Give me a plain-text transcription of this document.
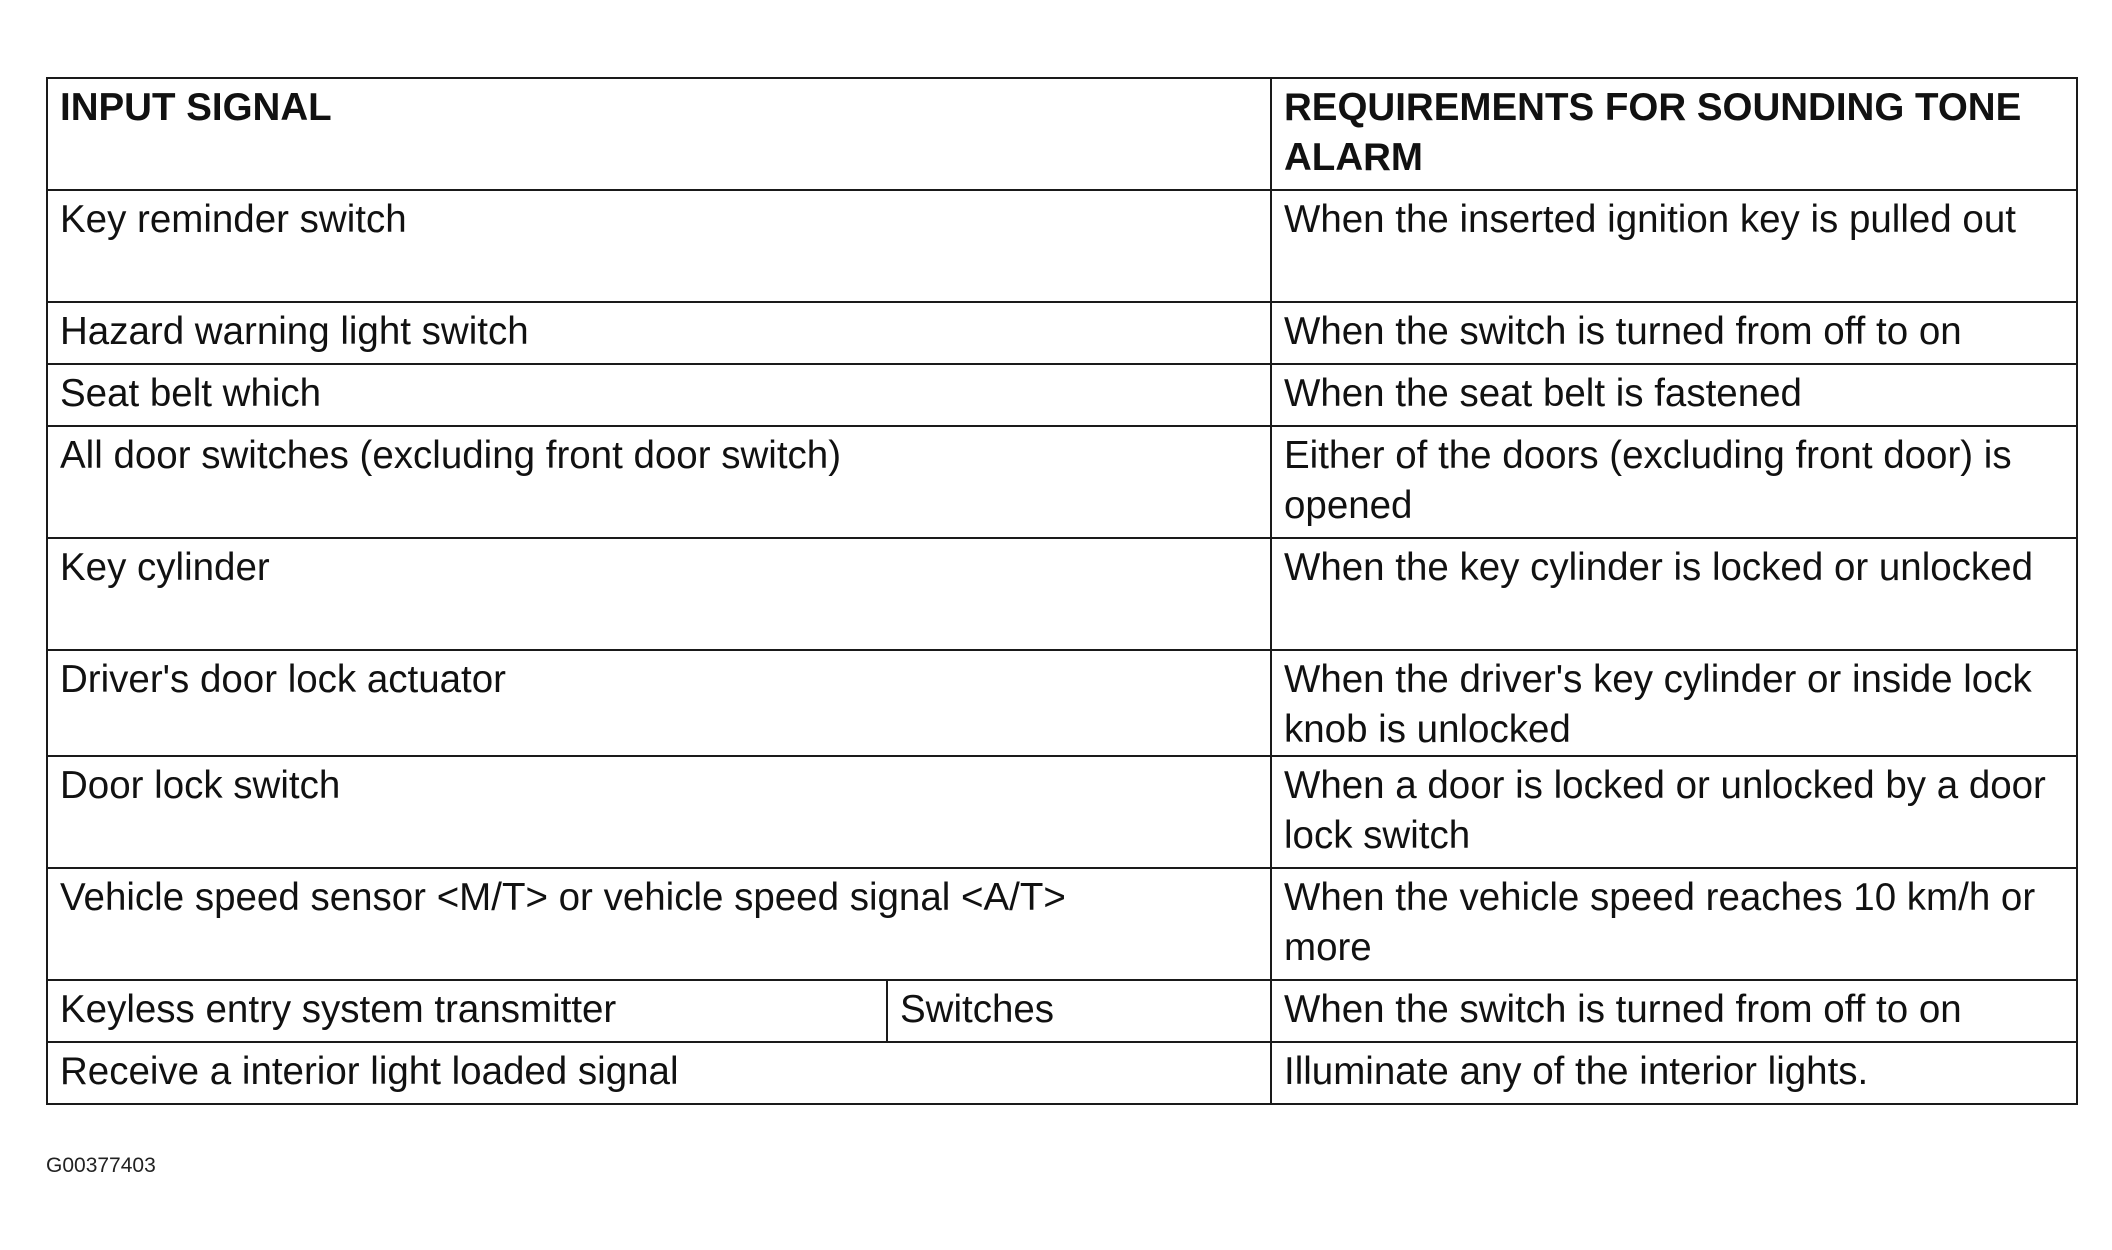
INPUT SIGNAL		REQUIREMENTS FOR SOUNDING TONE ALARM
Key reminder switch		When the inserted ignition key is pulled out
Hazard warning light switch		When the switch is turned from off to on
Seat belt which		When the seat belt is fastened
All door switches (excluding front door switch)		Either of the doors (excluding front door) is opened
Key cylinder		When the key cylinder is locked or unlocked
Driver's door lock actuator		When the driver's key cylinder or inside lock knob is unlocked
Door lock switch		When a door is locked or unlocked by a door lock switch
Vehicle speed sensor <M/T> or vehicle speed signal <A/T>		When the vehicle speed reaches 10 km/h or more
Keyless entry system transmitter	Switches	When the switch is turned from off to on
Receive a interior light loaded signal		Illuminate any of the interior lights.
G00377403
